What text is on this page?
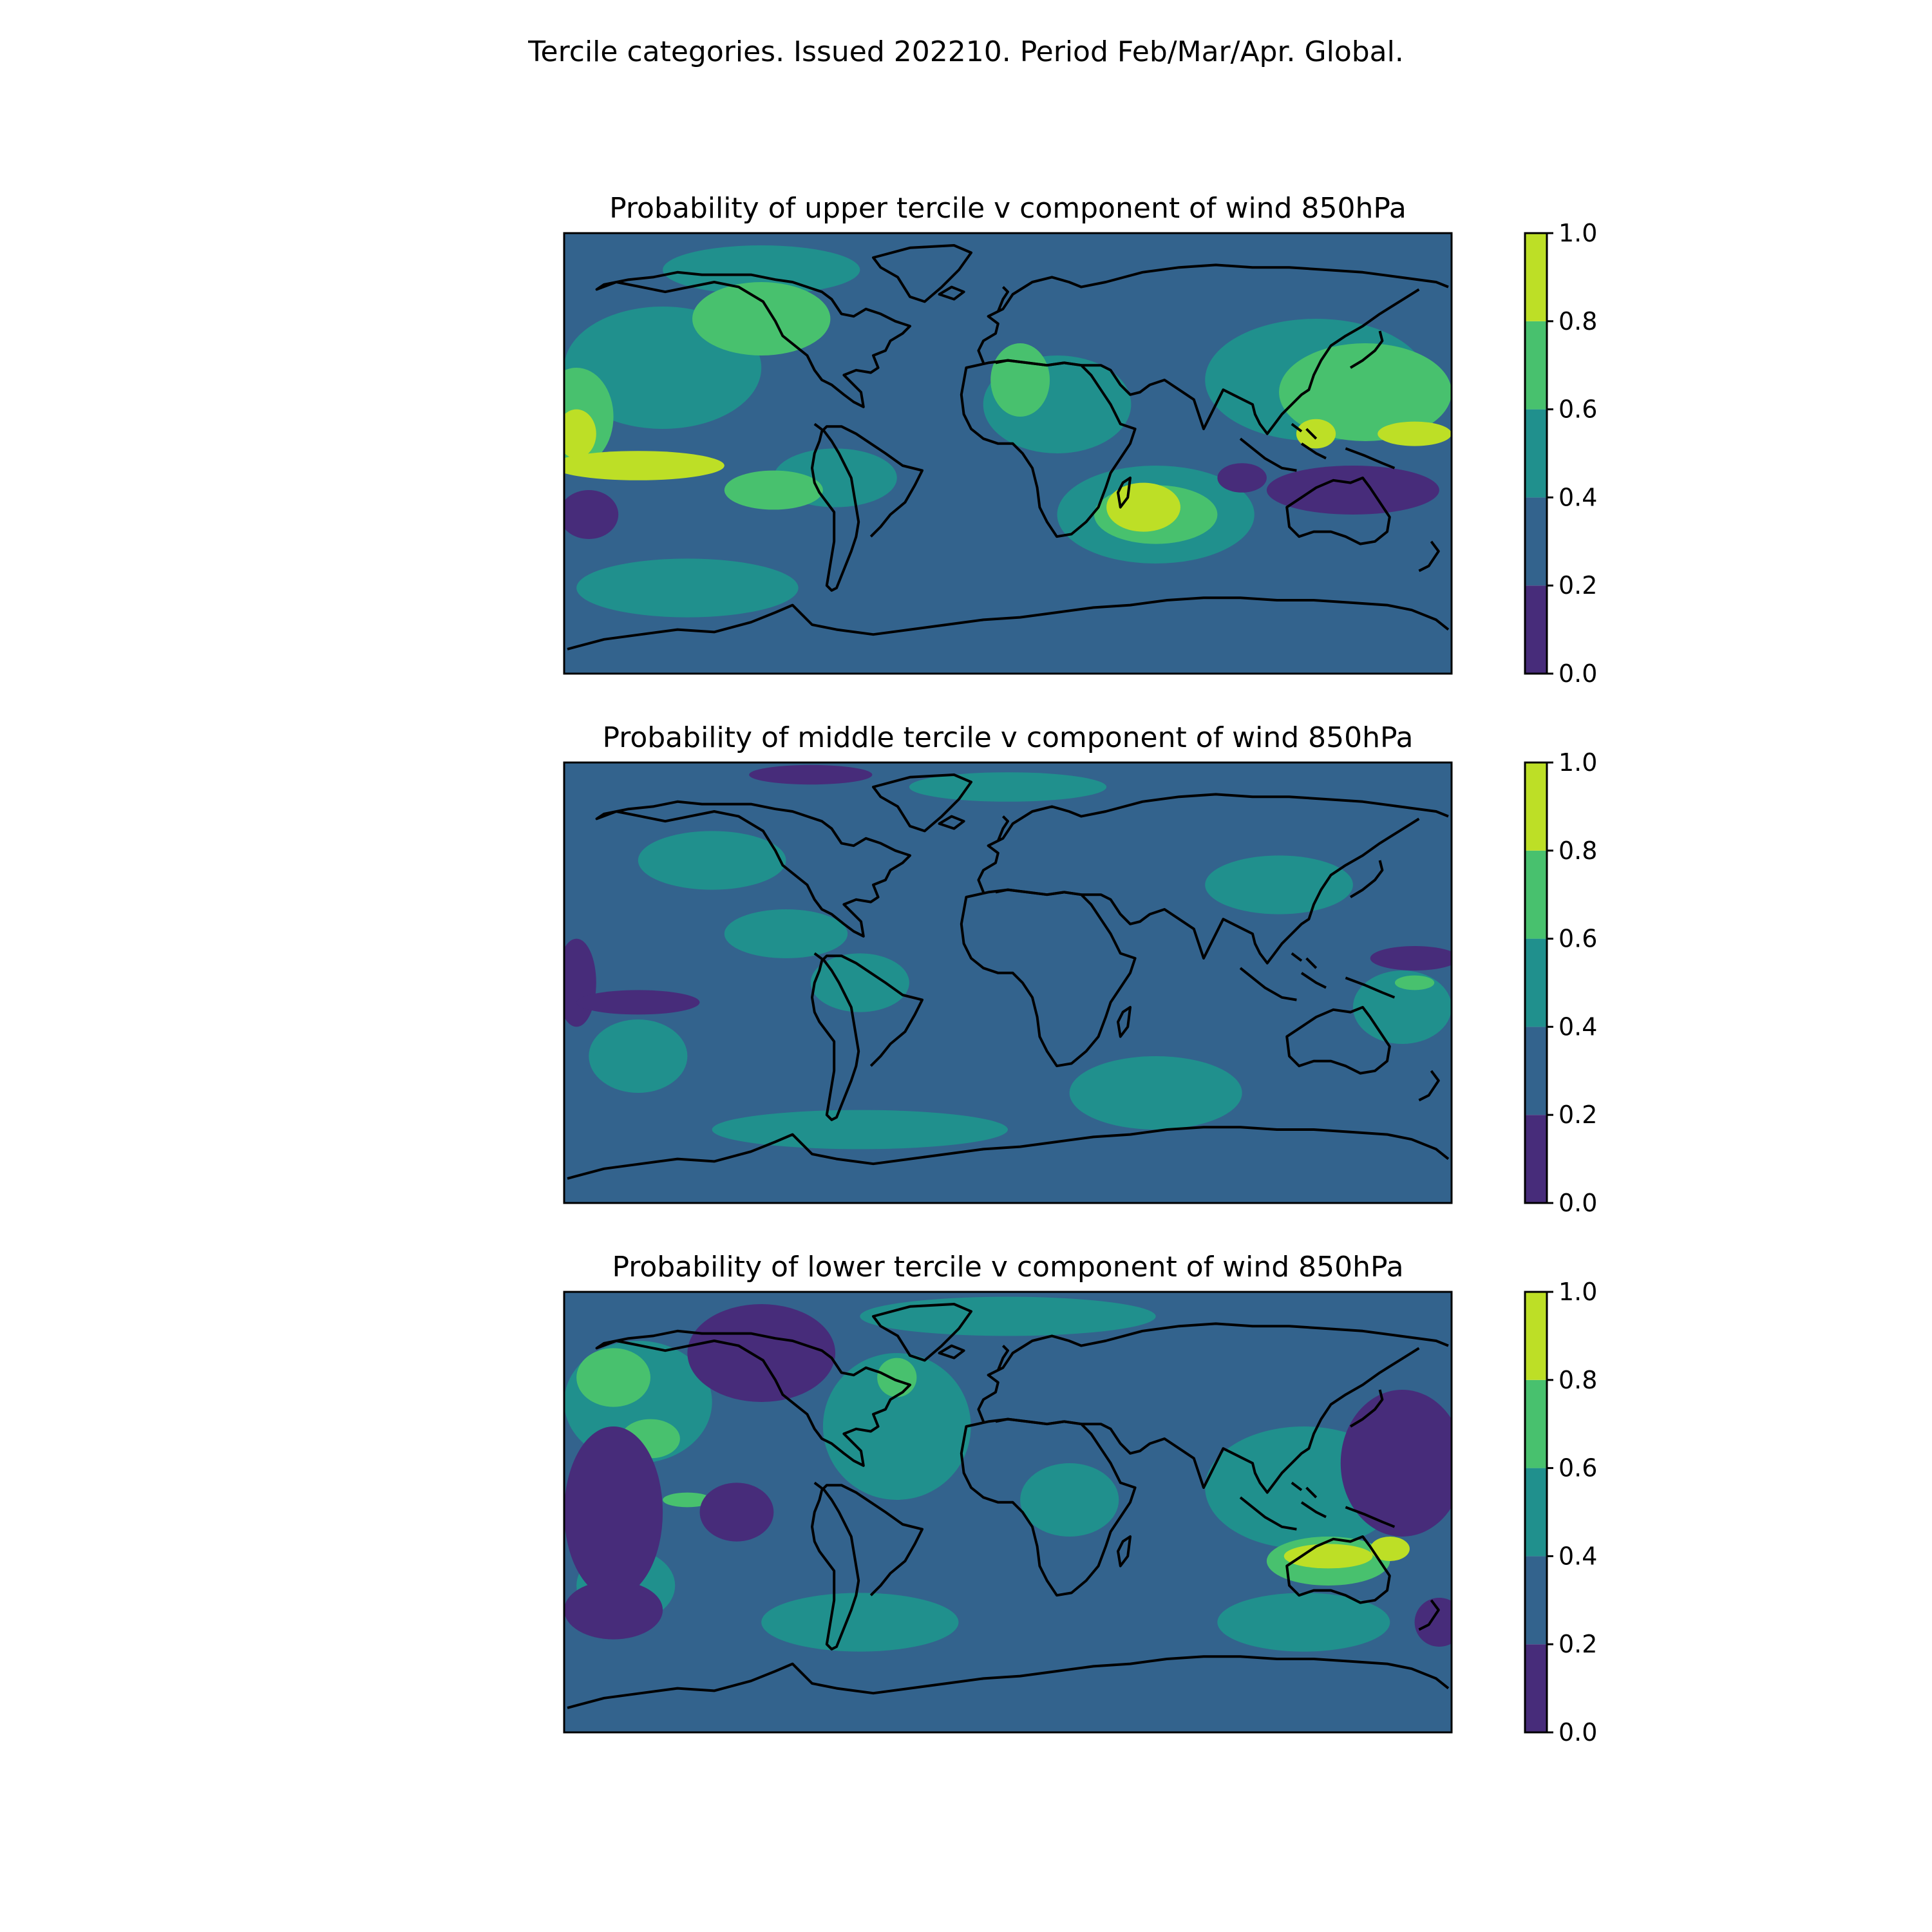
Tercile categories. Issued 202210. Period Feb/Mar/Apr. Global.
Probability of upper tercile v component of wind 850hPa
0.0
0.2
0.4
0.6
0.8
1.0
Probability of middle tercile v component of wind 850hPa
0.0
0.2
0.4
0.6
0.8
1.0
Probability of lower tercile v component of wind 850hPa
0.0
0.2
0.4
0.6
0.8
1.0
